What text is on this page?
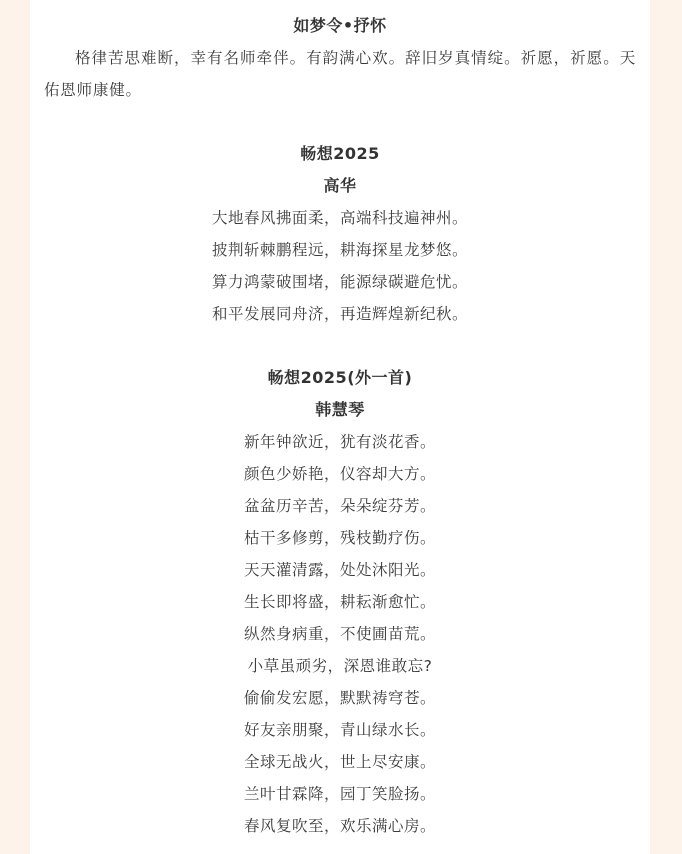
如梦令•抒怀
格律苦思难断，幸有名师牵伴。有韵满心欢。辞旧岁真情绽。祈愿，祈愿。天佑恩师康健。
畅想2025
高华
大地春风拂面柔，高端科技遍神州。
披荆斩棘鹏程远，耕海探星龙梦悠。
算力鸿蒙破围堵，能源绿碳避危忧。
和平发展同舟济，再造辉煌新纪秋。
畅想2025(外一首)
韩慧琴
新年钟欲近，犹有淡花香。
颜色少娇艳，仪容却大方。
盆盆历辛苦，朵朵绽芬芳。
枯干多修剪，残枝勤疗伤。
天天灌清露，处处沐阳光。
生长即将盛，耕耘渐愈忙。
纵然身病重，不使圃苗荒。
小草虽顽劣，深恩谁敢忘?
偷偷发宏愿，默默祷穹苍。
好友亲朋聚，青山绿水长。
全球无战火，世上尽安康。
兰叶甘霖降，园丁笑脸扬。
春风复吹至，欢乐满心房。
